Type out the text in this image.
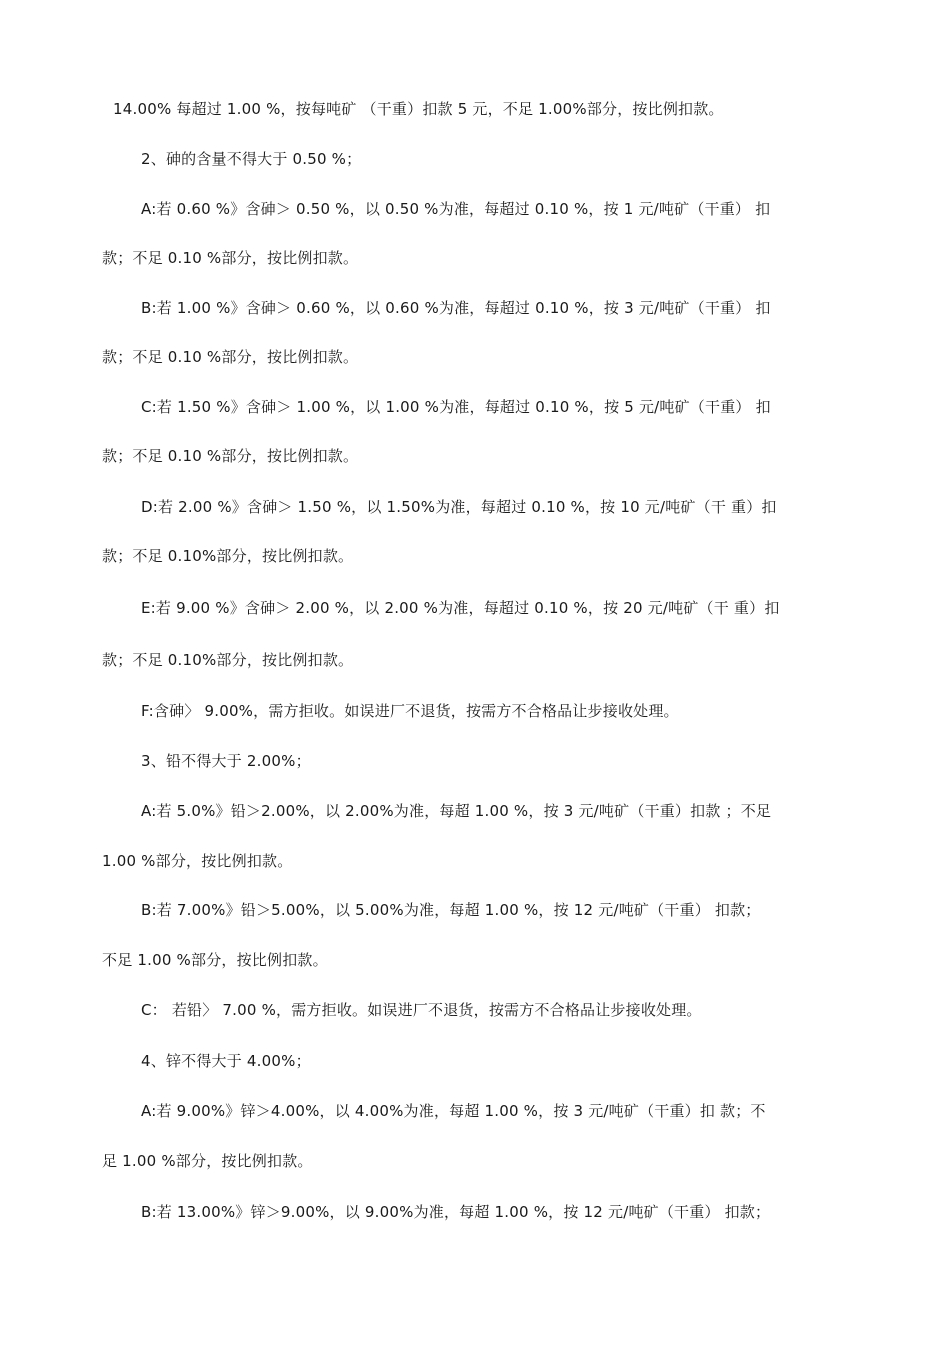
14.00% 每超过 1.00 %，按每吨矿 （干重）扣款 5 元，不足 1.00%部分，按比例扣款。
2、砷的含量不得大于 0.50 %；
A:若 0.60 %》含砷＞ 0.50 %，以 0.50 %为准，每超过 0.10 %，按 1 元/吨矿（干重） 扣
款；不足 0.10 %部分，按比例扣款。
B:若 1.00 %》含砷＞ 0.60 %，以 0.60 %为准，每超过 0.10 %，按 3 元/吨矿（干重） 扣
款；不足 0.10 %部分，按比例扣款。
C:若 1.50 %》含砷＞ 1.00 %，以 1.00 %为准，每超过 0.10 %，按 5 元/吨矿（干重） 扣
款；不足 0.10 %部分，按比例扣款。
D:若 2.00 %》含砷＞ 1.50 %，以 1.50%为准，每超过 0.10 %，按 10 元/吨矿（干 重）扣
款；不足 0.10%部分，按比例扣款。
E:若 9.00 %》含砷＞ 2.00 %，以 2.00 %为准，每超过 0.10 %，按 20 元/吨矿（干 重）扣
款；不足 0.10%部分，按比例扣款。
F:含砷〉 9.00%，需方拒收。如误进厂不退货，按需方不合格品让步接收处理。
3、铅不得大于 2.00%；
A:若 5.0%》铅＞2.00%，以 2.00%为准，每超 1.00 %，按 3 元/吨矿（干重）扣款 ；不足
1.00 %部分，按比例扣款。
B:若 7.00%》铅＞5.00%，以 5.00%为准，每超 1.00 %，按 12 元/吨矿（干重） 扣款；
不足 1.00 %部分，按比例扣款。
C： 若铅〉 7.00 %，需方拒收。如误进厂不退货，按需方不合格品让步接收处理。
4、锌不得大于 4.00%；
A:若 9.00%》锌＞4.00%，以 4.00%为准，每超 1.00 %，按 3 元/吨矿（干重）扣 款；不
足 1.00 %部分，按比例扣款。
B:若 13.00%》锌＞9.00%，以 9.00%为准，每超 1.00 %，按 12 元/吨矿（干重） 扣款；
